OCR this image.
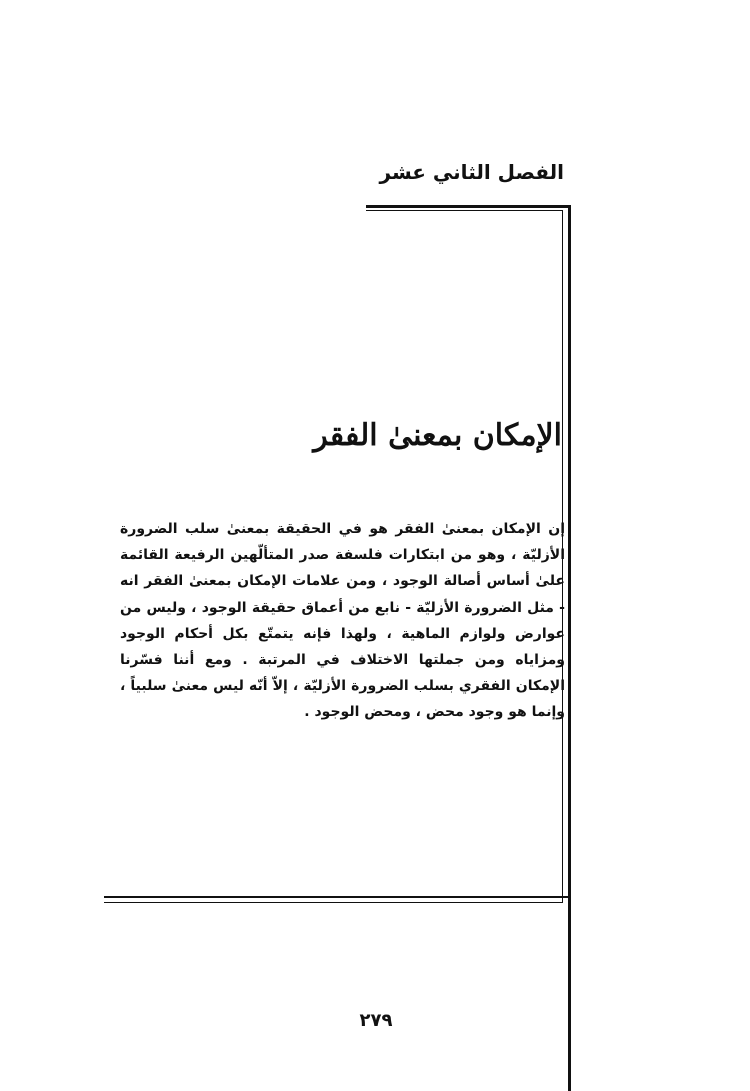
الفصل الثاني عشر
الإمكان بمعنىٰ الفقر

إن الإمكان بمعنىٰ الفقر هو في الحقيقة بمعنىٰ سلب الضرورة الأزليّة ، وهو من ابتكارات فلسفة صدر المتألّهين الرفيعة القائمة علىٰ أساس أصالة الوجود ، ومن علامات الإمكان بمعنىٰ الفقر انه - مثل الضرورة الأزليّة - نابع من أعماق حقيقة الوجود ، وليس من عوارض ولوازم الماهية ، ولهذا فإنه يتمتّع بكل أحكام الوجود ومزاياه ومن جملتها الاختلاف في المرتبة . ومع أننا فسّرنا الإمكان الفقري بسلب الضرورة الأزليّة ، إلاّ أنّه ليس معنىٰ سلبياً ، وإنما هو وجود محض ، ومحض الوجود .

٢٧٩
